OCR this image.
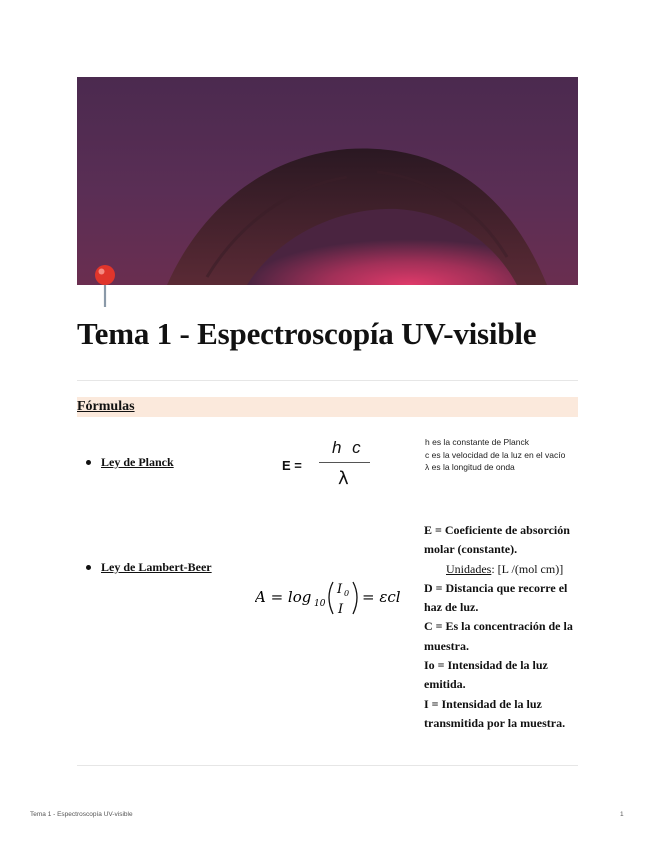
Tema 1 - Espectroscopía UV-visible
Fórmulas
Ley de Planck	E =
h c
λ
h es la constante de Planck
c es la velocidad de la luz en el vacío
λ es la longitud de onda
Ley de Lambert-Beer
A = log 10
I 0
I
= εcl
Ε = Coeficiente de absorción molar (constante).
Unidades: [L /(mol cm)]
D = Distancia que recorre el haz de luz.
C = Es la concentración de la muestra.
Io = Intensidad de la luz emitida.
I = Intensidad de la luz transmitida por la muestra.
Tema 1 - Espectroscopía UV-visible	1
